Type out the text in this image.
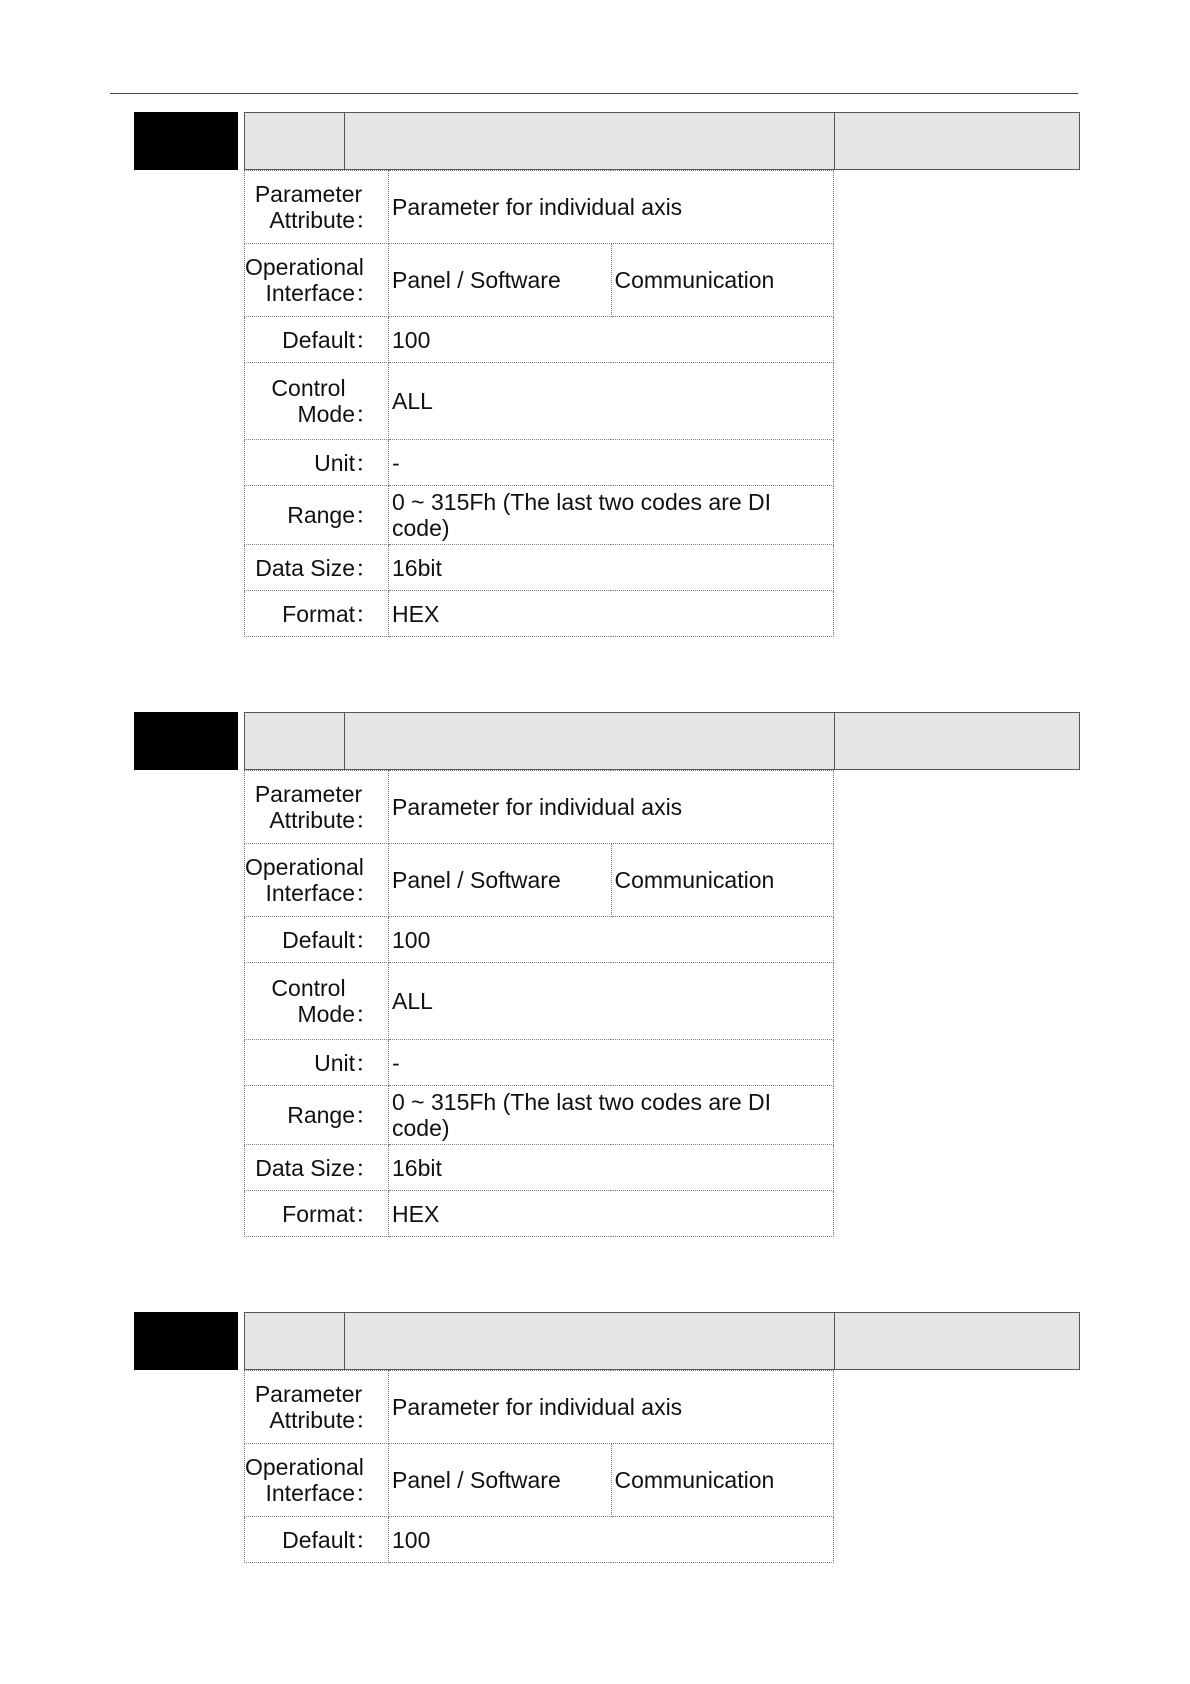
Parameter
Attribute：	Parameter for individual axis	

Operational
Interface：	Panel / Software	Communication
Default：	100	

Control
Mode：	ALL	
Unit：	-	
Range：	0 ~ 315Fh (The last two codes are DI
code)	

Data Size：	16bit	
Format：	HEX	
Parameter
Attribute：	Parameter for individual axis	

Operational
Interface：	Panel / Software	Communication
Default：	100	

Control
Mode：	ALL	
Unit：	-	
Range：	0 ~ 315Fh (The last two codes are DI
code)	

Data Size：	16bit	
Format：	HEX	
Parameter
Attribute：	Parameter for individual axis	

Operational
Interface：	Panel / Software	Communication
Default：	100	
